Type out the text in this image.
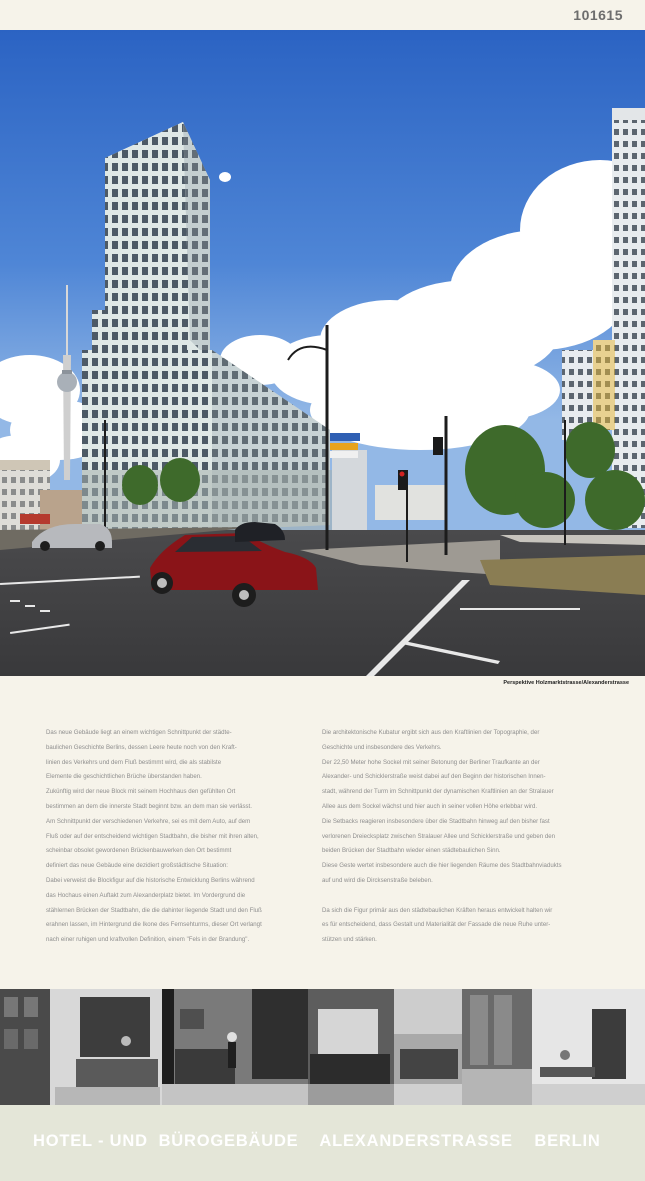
101615
Perspektive Holzmarktstrasse/Alexanderstrasse

Das neue Gebäude liegt an einem wichtigen Schnittpunkt der städte-

baulichen Geschichte Berlins, dessen Leere heute noch von den Kraft-

linien des Verkehrs und dem Fluß bestimmt wird, die als stabilste

Elemente die geschichtlichen Brüche überstanden haben.

Zukünftig wird der neue Block mit seinem Hochhaus den gefühlten Ort

bestimmen an dem die innerste Stadt beginnt bzw. an dem man sie verlässt.

Am Schnittpunkt der verschiedenen Verkehre, sei es mit dem Auto, auf dem

Fluß oder auf der entscheidend wichtigen Stadtbahn, die bisher mit ihren alten,

scheinbar obsolet gewordenen Brückenbauwerken den Ort bestimmt

definiert das neue Gebäude eine dezidiert großstädtische Situation:

Dabei verweist die Blockfigur auf die historische Entwicklung Berlins während

das Hochaus einen Auftakt zum Alexanderplatz bietet. Im Vordergrund die

stählernen Brücken der Stadtbahn, die die dahinter liegende Stadt und den Fluß

erahnen lassen, im Hintergrund die Ikone des Fernsehturms, dieser Ort verlangt

nach einer ruhigen und kraftvollen Definition, einem "Fels in der Brandung".

Die architektonische Kubatur ergibt sich aus den Kraftlinien der Topographie, der

Geschichte und insbesondere des Verkehrs.

Der 22,50 Meter hohe Sockel mit seiner Betonung der Berliner Traufkante an der

Alexander- und Schicklerstraße weist dabei auf den Beginn der historischen Innen-

stadt, während der Turm im Schnittpunkt der dynamischen Kraftlinien an der Stralauer

Allee aus dem Sockel wächst und hier auch in seiner vollen Höhe erlebbar wird.

Die Setbacks reagieren insbesondere über die Stadtbahn hinweg auf den bisher fast

verlorenen Dreiecksplatz zwischen Stralauer Allee und Schicklerstraße und geben den

beiden Brücken der Stadtbahn wieder einen städtebaulichen Sinn.

Diese Geste wertet insbesondere auch die hier liegenden Räume des Stadtbahnviadukts

auf und wird die Dircksenstraße beleben.

Da sich die Figur primär aus den städtebaulichen Kräften heraus entwickelt halten wir

es für entscheidend, dass Gestalt und Materialität der Fassade die neue Ruhe unter-

stützen und stärken.

HOTEL - UND  BÜROGEBÄUDE    ALEXANDERSTRASSE    BERLIN
